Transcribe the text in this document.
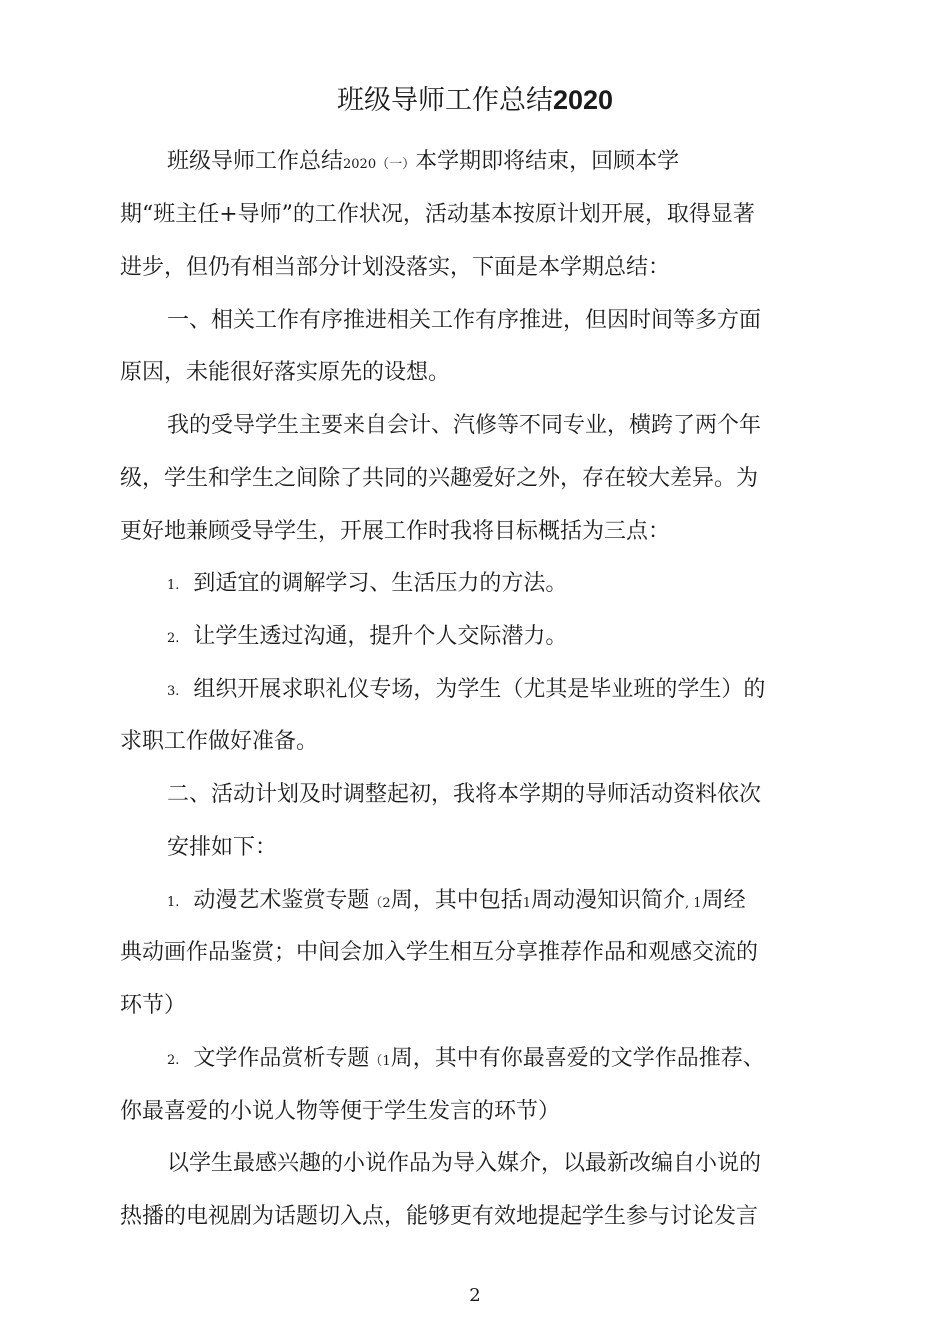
班级导师工作总结2020
班级导师工作总结2020（一）本学期即将结束，回顾本学
期“班主任+导师”的工作状况，活动基本按原计划开展，取得显著
进步，但仍有相当部分计划没落实，下面是本学期总结：
一、相关工作有序推进相关工作有序推进，但因时间等多方面
原因，未能很好落实原先的设想。
我的受导学生主要来自会计、汽修等不同专业，横跨了两个年
级，学生和学生之间除了共同的兴趣爱好之外，存在较大差异。为
更好地兼顾受导学生，开展工作时我将目标概括为三点：
1. 到适宜的调解学习、生活压力的方法。
2. 让学生透过沟通，提升个人交际潜力。
3. 组织开展求职礼仪专场，为学生（尤其是毕业班的学生）的
求职工作做好准备。
二、活动计划及时调整起初，我将本学期的导师活动资料依次
安排如下：
1. 动漫艺术鉴赏专题（2周，其中包括1周动漫知识简介, 1周经
典动画作品鉴赏；中间会加入学生相互分享推荐作品和观感交流的
环节）
2. 文学作品赏析专题（1周，其中有你最喜爱的文学作品推荐、
你最喜爱的小说人物等便于学生发言的环节）
以学生最感兴趣的小说作品为导入媒介，以最新改编自小说的
热播的电视剧为话题切入点，能够更有效地提起学生参与讨论发言
2
